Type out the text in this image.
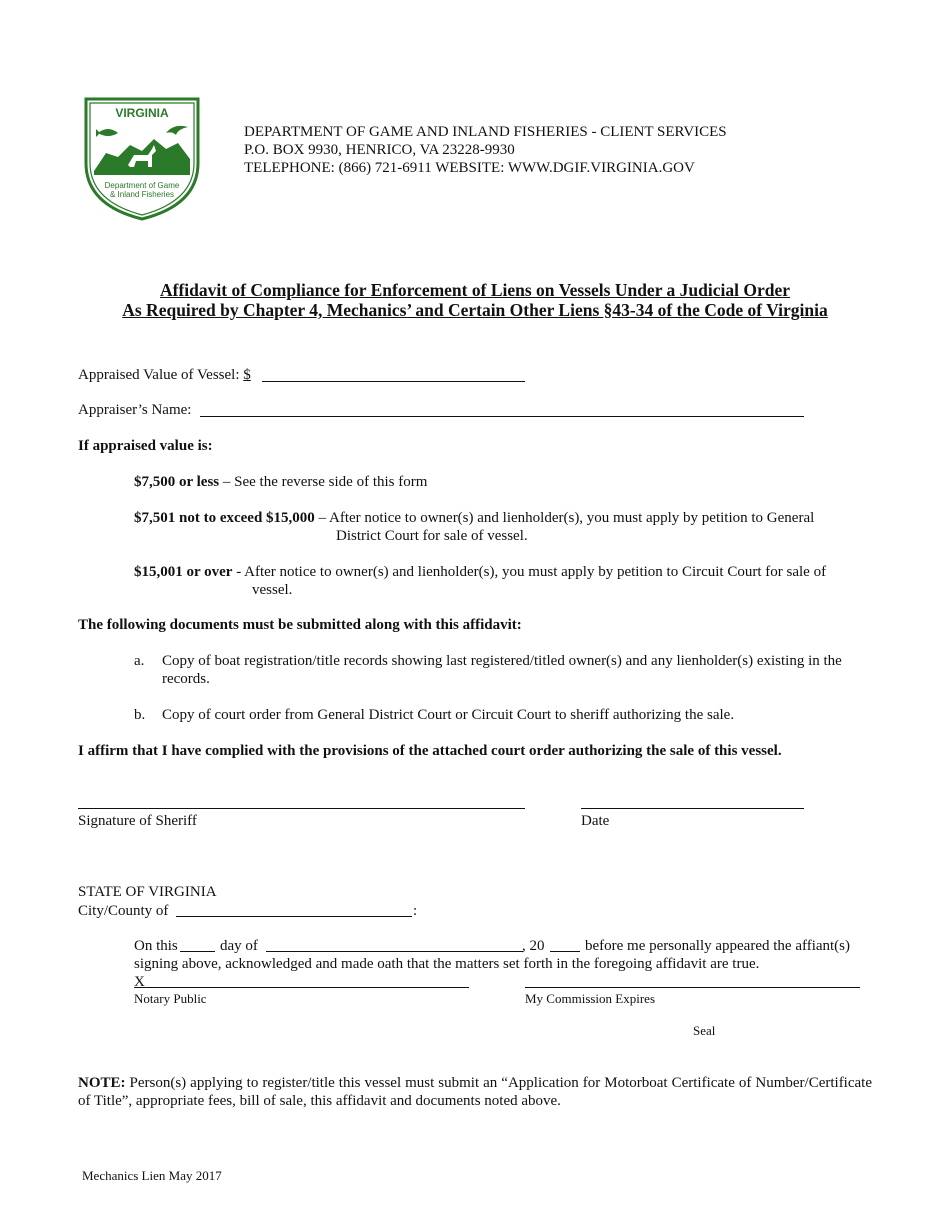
VIRGINIA
Department of Game
& Inland Fisheries
DEPARTMENT OF GAME AND INLAND FISHERIES - CLIENT SERVICES
P.O. BOX 9930, HENRICO, VA 23228-9930
TELEPHONE: (866) 721-6911 WEBSITE: WWW.DGIF.VIRGINIA.GOV
Affidavit of Compliance for Enforcement of Liens on Vessels Under a Judicial Order
As Required by Chapter 4, Mechanics’ and Certain Other Liens §43-34 of the Code of Virginia
Appraised Value of Vessel: $
Appraiser’s Name:
If appraised value is:
$7,500 or less – See the reverse side of this form
$7,501 not to exceed $15,000 – After notice to owner(s) and lienholder(s), you must apply by petition to General
District Court for sale of vessel.
$15,001 or over - After notice to owner(s) and lienholder(s), you must apply by petition to Circuit Court for sale of
vessel.
The following documents must be submitted along with this affidavit:
a. Copy of boat registration/title records showing last registered/titled owner(s) and any lienholder(s) existing in the
records.
b. Copy of court order from General District Court or Circuit Court to sheriff authorizing the sale.
I affirm that I have complied with the provisions of the attached court order authorizing the sale of this vessel.
Signature of Sheriff	Date
STATE OF VIRGINIA
City/County of	:
On this	day of	, 20	before me personally appeared the affiant(s)
signing above, acknowledged and made oath that the matters set forth in the foregoing affidavit are true.
X
Notary Public	My Commission Expires
Seal
NOTE: Person(s) applying to register/title this vessel must submit an “Application for Motorboat Certificate of Number/Certificate of Title”, appropriate fees, bill of sale, this affidavit and documents noted above.
Mechanics Lien May 2017
